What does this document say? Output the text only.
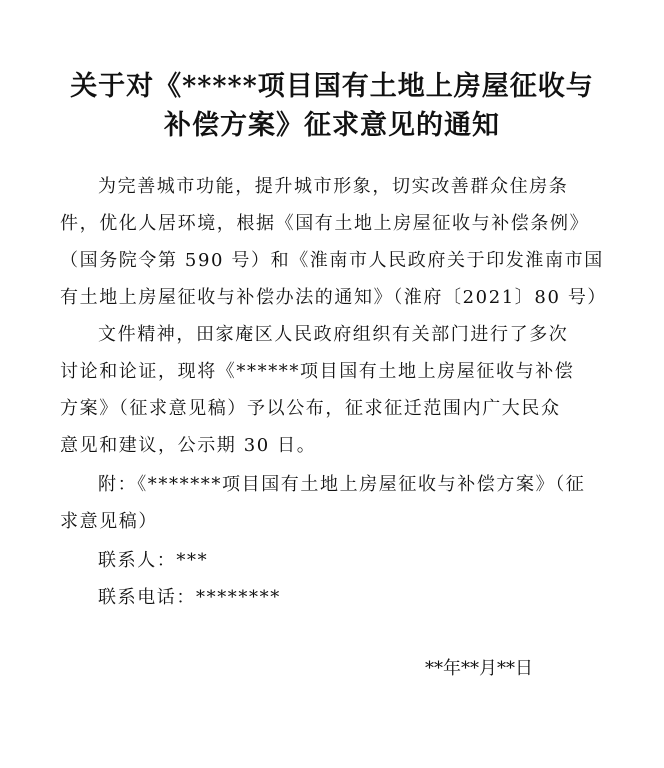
关于对《*****项目国有土地上房屋征收与
补偿方案》征求意见的通知

为完善城市功能，提升城市形象，切实改善群众住房条

件，优化人居环境，根据《国有土地上房屋征收与补偿条例》

（国务院令第 590 号）和《淮南市人民政府关于印发淮南市国

有土地上房屋征收与补偿办法的通知》（淮府〔2021〕80 号）

文件精神，田家庵区人民政府组织有关部门进行了多次

讨论和论证，现将《******项目国有土地上房屋征收与补偿

方案》（征求意见稿）予以公布，征求征迁范围内广大民众

意见和建议，公示期 30 日。

附：《*******项目国有土地上房屋征收与补偿方案》（征

求意见稿）

联系人：***

联系电话：********

**年**月**日
